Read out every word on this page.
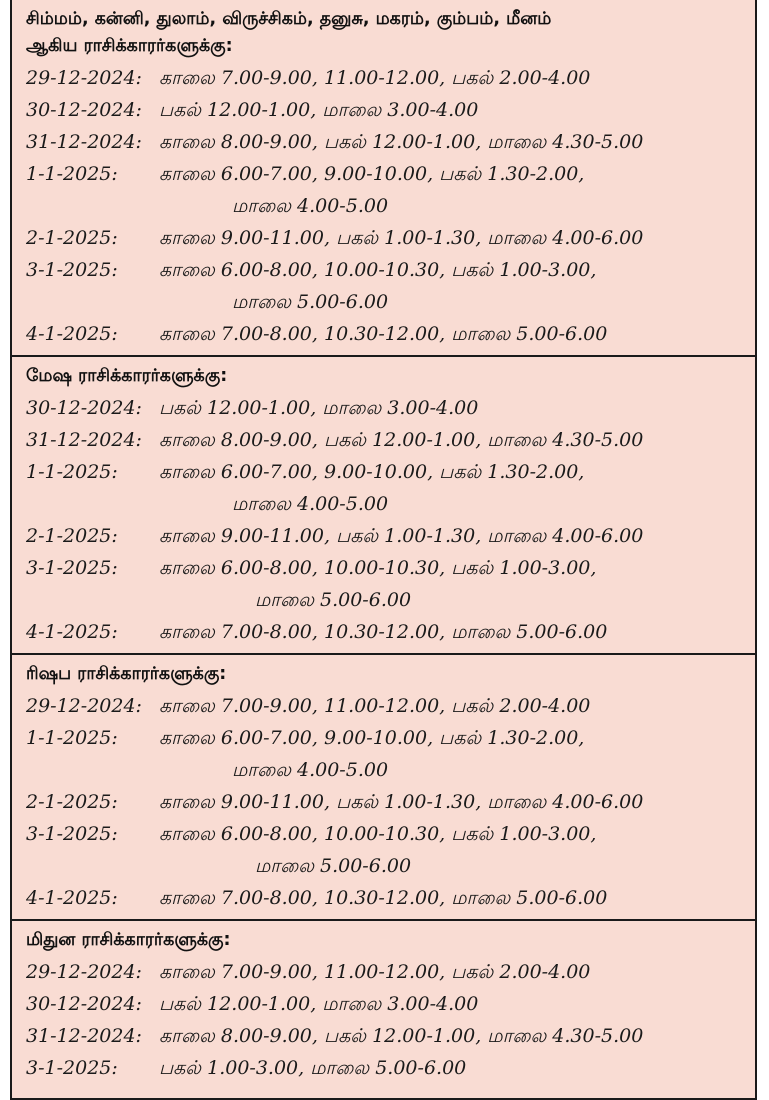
சிம்மம், கன்னி, துலாம், விருச்சிகம், தனுசு, மகரம், கும்பம், மீனம்
ஆகிய ராசிக்காரர்களுக்கு:
29-12-2024: காலை 7.00-9.00, 11.00-12.00, பகல் 2.00-4.00
30-12-2024: பகல் 12.00-1.00, மாலை 3.00-4.00
31-12-2024: காலை 8.00-9.00, பகல் 12.00-1.00, மாலை 4.30-5.00
1-1-2025:	காலை 6.00-7.00, 9.00-10.00, பகல் 1.30-2.00,
மாலை 4.00-5.00
2-1-2025:	காலை 9.00-11.00, பகல் 1.00-1.30, மாலை 4.00-6.00
3-1-2025:	காலை 6.00-8.00, 10.00-10.30, பகல் 1.00-3.00,
மாலை 5.00-6.00
4-1-2025:	காலை 7.00-8.00, 10.30-12.00, மாலை 5.00-6.00
மேஷ ராசிக்காரர்களுக்கு:
30-12-2024: பகல் 12.00-1.00, மாலை 3.00-4.00
31-12-2024: காலை 8.00-9.00, பகல் 12.00-1.00, மாலை 4.30-5.00
1-1-2025:	காலை 6.00-7.00, 9.00-10.00, பகல் 1.30-2.00,
மாலை 4.00-5.00
2-1-2025:	காலை 9.00-11.00, பகல் 1.00-1.30, மாலை 4.00-6.00
3-1-2025:	காலை 6.00-8.00, 10.00-10.30, பகல் 1.00-3.00,
மாலை 5.00-6.00
4-1-2025:	காலை 7.00-8.00, 10.30-12.00, மாலை 5.00-6.00
ரிஷப ராசிக்காரர்களுக்கு:
29-12-2024: காலை 7.00-9.00, 11.00-12.00, பகல் 2.00-4.00
1-1-2025:	காலை 6.00-7.00, 9.00-10.00, பகல் 1.30-2.00,
மாலை 4.00-5.00
2-1-2025:	காலை 9.00-11.00, பகல் 1.00-1.30, மாலை 4.00-6.00
3-1-2025:	காலை 6.00-8.00, 10.00-10.30, பகல் 1.00-3.00,
மாலை 5.00-6.00
4-1-2025:	காலை 7.00-8.00, 10.30-12.00, மாலை 5.00-6.00
மிதுன ராசிக்காரர்களுக்கு:
29-12-2024: காலை 7.00-9.00, 11.00-12.00, பகல் 2.00-4.00
30-12-2024: பகல் 12.00-1.00, மாலை 3.00-4.00
31-12-2024: காலை 8.00-9.00, பகல் 12.00-1.00, மாலை 4.30-5.00
3-1-2025:	பகல் 1.00-3.00, மாலை 5.00-6.00
